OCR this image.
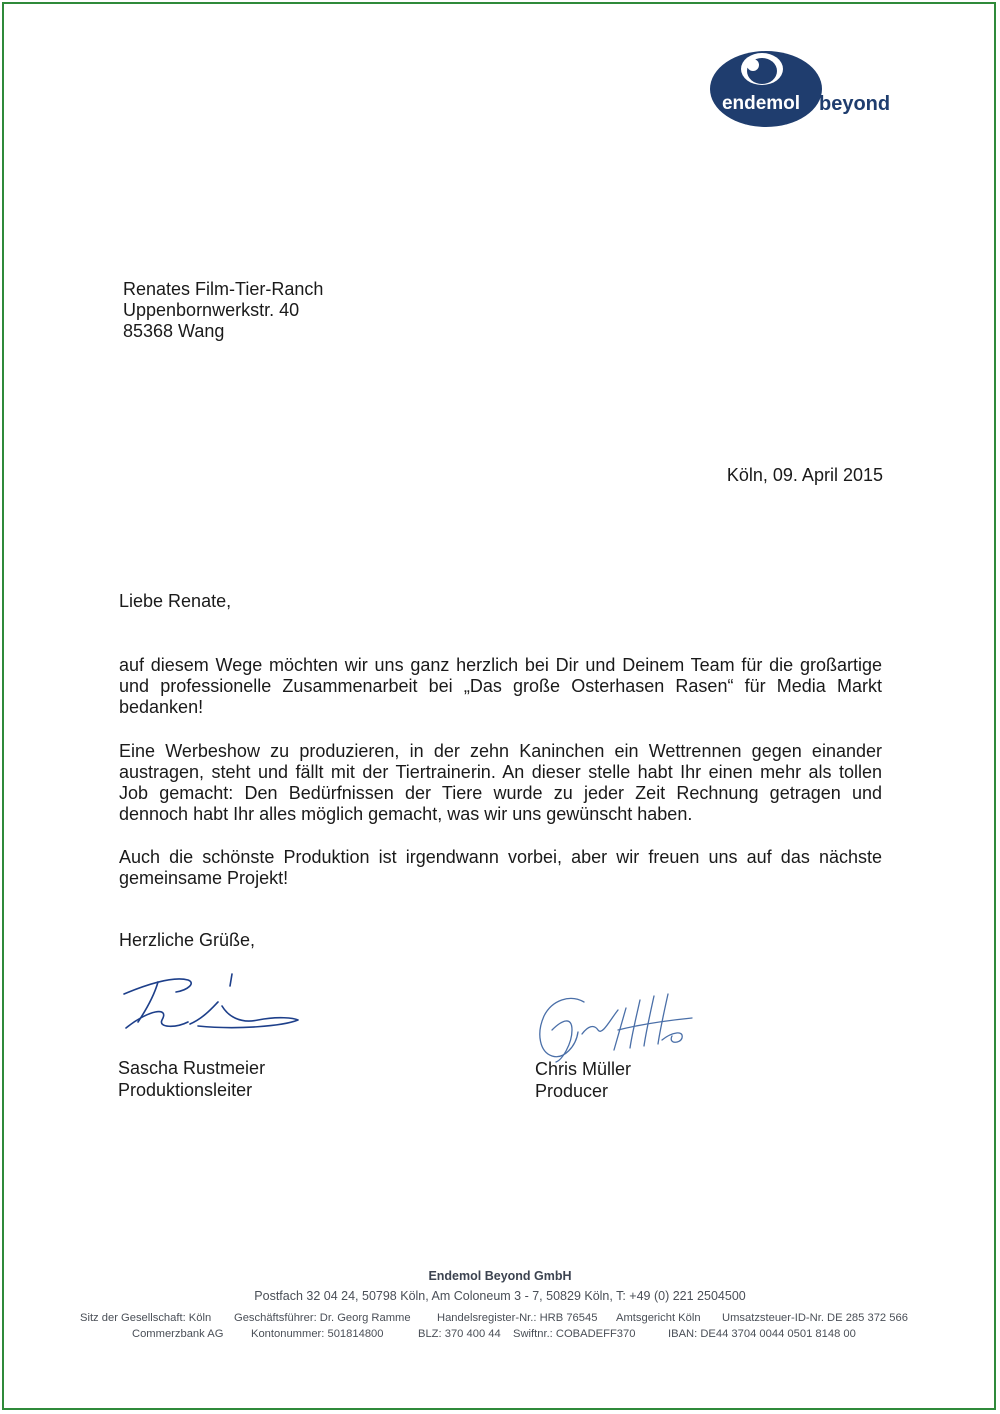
endemol beyond
Renates Film-Tier-Ranch
Uppenbornwerkstr. 40
85368 Wang
Köln, 09. April 2015
Liebe Renate,
auf diesem Wege möchten wir uns ganz herzlich bei Dir und Deinem Team für die großartige
und professionelle Zusammenarbeit bei „Das große Osterhasen Rasen“ für Media Markt
bedanken!
Eine Werbeshow zu produzieren, in der zehn Kaninchen ein Wettrennen gegen einander
austragen, steht und fällt mit der Tiertrainerin. An dieser stelle habt Ihr einen mehr als tollen
Job gemacht: Den Bedürfnissen der Tiere wurde zu jeder Zeit Rechnung getragen und
dennoch habt Ihr alles möglich gemacht, was wir uns gewünscht haben.
Auch die schönste Produktion ist irgendwann vorbei, aber wir freuen uns auf das nächste
gemeinsame Projekt!
Herzliche Grüße,
Sascha Rustmeier
Produktionsleiter
Chris Müller
Producer
Endemol Beyond GmbH
Postfach 32 04 24, 50798 Köln, Am Coloneum 3 - 7, 50829 Köln, T: +49 (0) 221 2504500
Sitz der Gesellschaft: Köln Geschäftsführer: Dr. Georg Ramme Handelsregister-Nr.: HRB 76545 Amtsgericht Köln Umsatzsteuer-ID-Nr. DE 285 372 566
Commerzbank AG Kontonummer: 501814800	BLZ: 370 400 44 Swiftnr.: COBADEFF370	IBAN: DE44 3704 0044 0501 8148 00
